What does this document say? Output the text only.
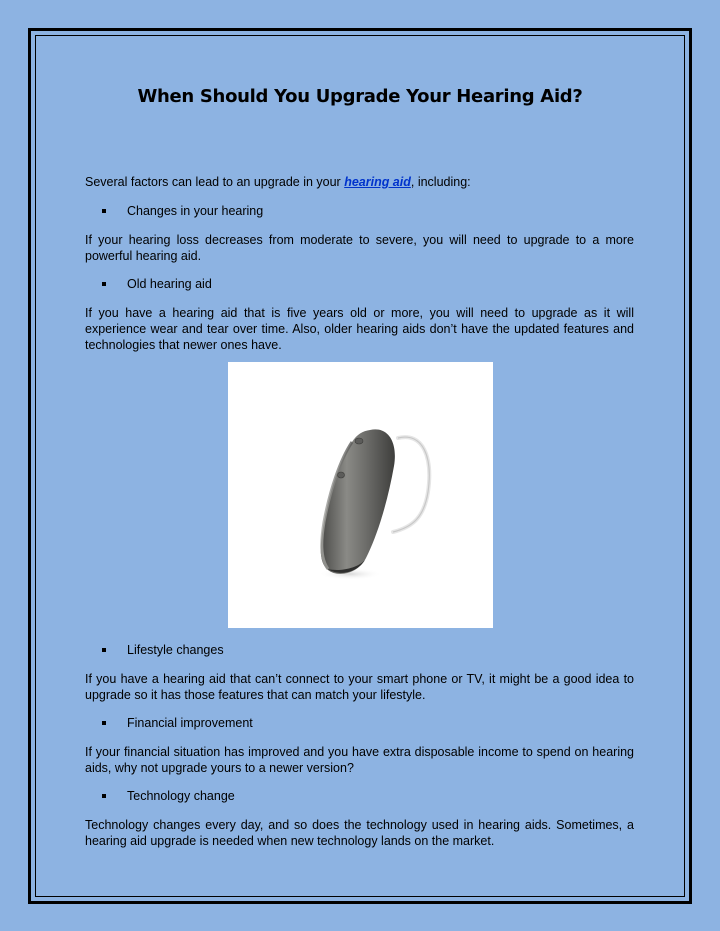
When Should You Upgrade Your Hearing Aid?
Several factors can lead to an upgrade in your hearing aid, including:
Changes in your hearing

If your hearing loss decreases from moderate to severe, you will need to upgrade to a more powerful hearing aid.

Old hearing aid

If you have a hearing aid that is five years old or more, you will need to upgrade as it will experience wear and tear over time. Also, older hearing aids don’t have the updated features and technologies that newer ones have.

Lifestyle changes

If you have a hearing aid that can’t connect to your smart phone or TV, it might be a good idea to upgrade so it has those features that can match your lifestyle.

Financial improvement

If your financial situation has improved and you have extra disposable income to spend on hearing aids, why not upgrade yours to a newer version?

Technology change

Technology changes every day, and so does the technology used in hearing aids. Sometimes, a hearing aid upgrade is needed when new technology lands on the market.
